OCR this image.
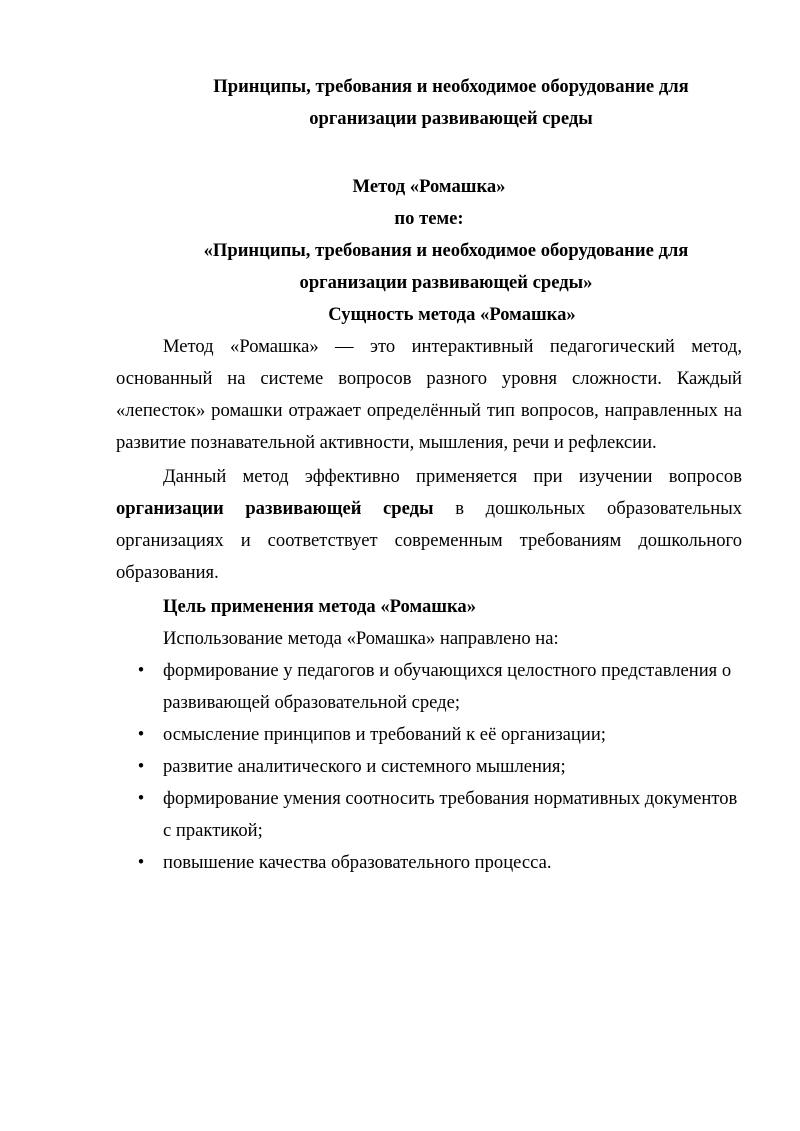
Принципы, требования и необходимое оборудование для организации развивающей среды
Метод «Ромашка»
по теме:
«Принципы, требования и необходимое оборудование для организации развивающей среды»
Сущность метода «Ромашка»
Метод «Ромашка» — это интерактивный педагогический метод, основанный на системе вопросов разного уровня сложности. Каждый «лепесток» ромашки отражает определённый тип вопросов, направленных на развитие познавательной активности, мышления, речи и рефлексии.
Данный метод эффективно применяется при изучении вопросов организации развивающей среды в дошкольных образовательных организациях и соответствует современным требованиям дошкольного образования.
Цель применения метода «Ромашка»
Использование метода «Ромашка» направлено на:
• формирование у педагогов и обучающихся целостного представления о развивающей образовательной среде;
• осмысление принципов и требований к её организации;
• развитие аналитического и системного мышления;
• формирование умения соотносить требования нормативных документов с практикой;
• повышение качества образовательного процесса.
